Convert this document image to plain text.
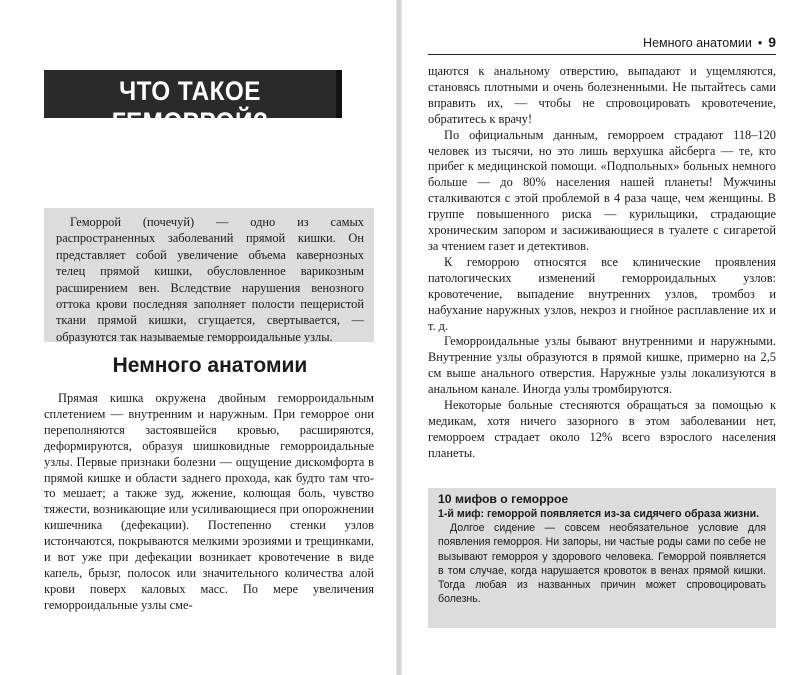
ЧТО ТАКОЕ ГЕМОРРОЙ?

Геморрой (почечуй) — одно из самых распространенных заболеваний прямой кишки. Он представляет собой увеличение объема кавернозных телец прямой кишки, обусловленное варикозным расширением вен. Вследствие нарушения венозного оттока крови последняя заполняет полости пещеристой ткани прямой кишки, сгущается, свертывается, — образуются так называемые геморроидальные узлы.

Немного анатомии

Прямая кишка окружена двойным геморроидальным сплетением — внутренним и наружным. При геморрое они переполняются застоявшейся кровью, расширяются, деформируются, образуя шишковидные геморроидальные узлы. Первые признаки болезни — ощущение дискомфорта в прямой кишке и области заднего прохода, как будто там что-то мешает; а также зуд, жжение, колющая боль, чувство тяжести, возникающие или усиливающиеся при опорожнении кишечника (дефекации). Постепенно стенки узлов истончаются, покрываются мелкими эрозиями и трещинками, и вот уже при дефекации возникает кровотечение в виде капель, брызг, полосок или значительного количества алой крови поверх каловых масс. По мере увеличения геморроидальные узлы сме-

Немного анатомии • 9

щаются к анальному отверстию, выпадают и ущемляются, становясь плотными и очень болезненными. Не пытайтесь сами вправить их, — чтобы не спровоцировать кровотечение, обратитесь к врачу!

По официальным данным, геморроем страдают 118–120 человек из тысячи, но это лишь верхушка айсберга — те, кто прибег к медицинской помощи. «Подпольных» больных немного больше — до 80% населения нашей планеты! Мужчины сталкиваются с этой проблемой в 4 раза чаще, чем женщины. В группе повышенного риска — курильщики, страдающие хроническим запором и засиживающиеся в туалете с сигаретой за чтением газет и детективов.

К геморрою относятся все клинические проявления патологических изменений геморроидальных узлов: кровотечение, выпадение внутренних узлов, тромбоз и набухание наружных узлов, некроз и гнойное расплавление их и т. д.

Геморроидальные узлы бывают внутренними и наружными. Внутренние узлы образуются в прямой кишке, примерно на 2,5 см выше анального отверстия. Наружные узлы локализуются в анальном канале. Иногда узлы тромбируются.

Некоторые больные стесняются обращаться за помощью к медикам, хотя ничего зазорного в этом заболевании нет, геморроем страдает около 12% всего взрослого населения планеты.

10 мифов о геморрое

1-й миф: геморрой появляется из-за сидячего образа жизни.

Долгое сидение — совсем необязательное условие для появления геморроя. Ни запоры, ни частые роды сами по себе не вызывают геморроя у здорового человека. Геморрой появляется в том случае, когда нарушается кровоток в венах прямой кишки. Тогда любая из названных причин может спровоцировать болезнь.
